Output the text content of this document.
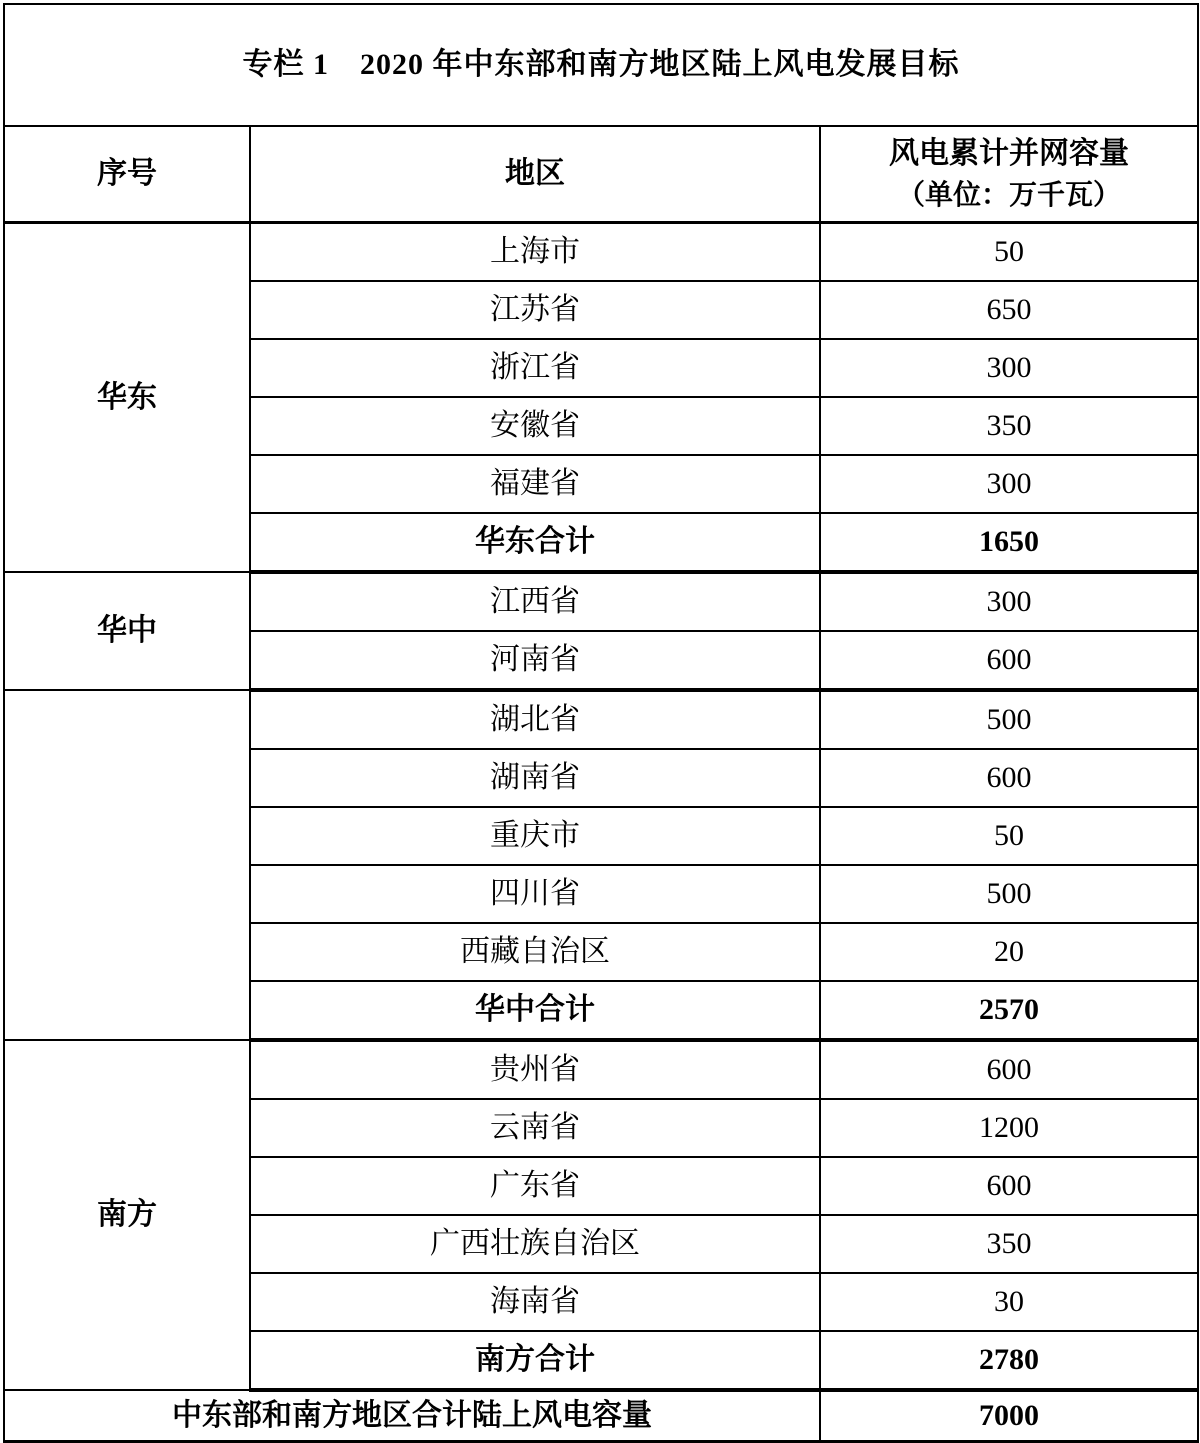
专栏 1　2020 年中东部和南方地区陆上风电发展目标		
序号	地区	风电累计并网容量
（单位：万千瓦）

华东	上海市	50
	江苏省	650
	浙江省	300
	安徽省	350
	福建省	300
	华东合计	1650
华中	江西省	300
	河南省	600
	湖北省	500
	湖南省	600
	重庆市	50
	四川省	500
	西藏自治区	20
	华中合计	2570
南方	贵州省	600
	云南省	1200
	广东省	600
	广西壮族自治区	350
	海南省	30
	南方合计	2780
中东部和南方地区合计陆上风电容量		7000
